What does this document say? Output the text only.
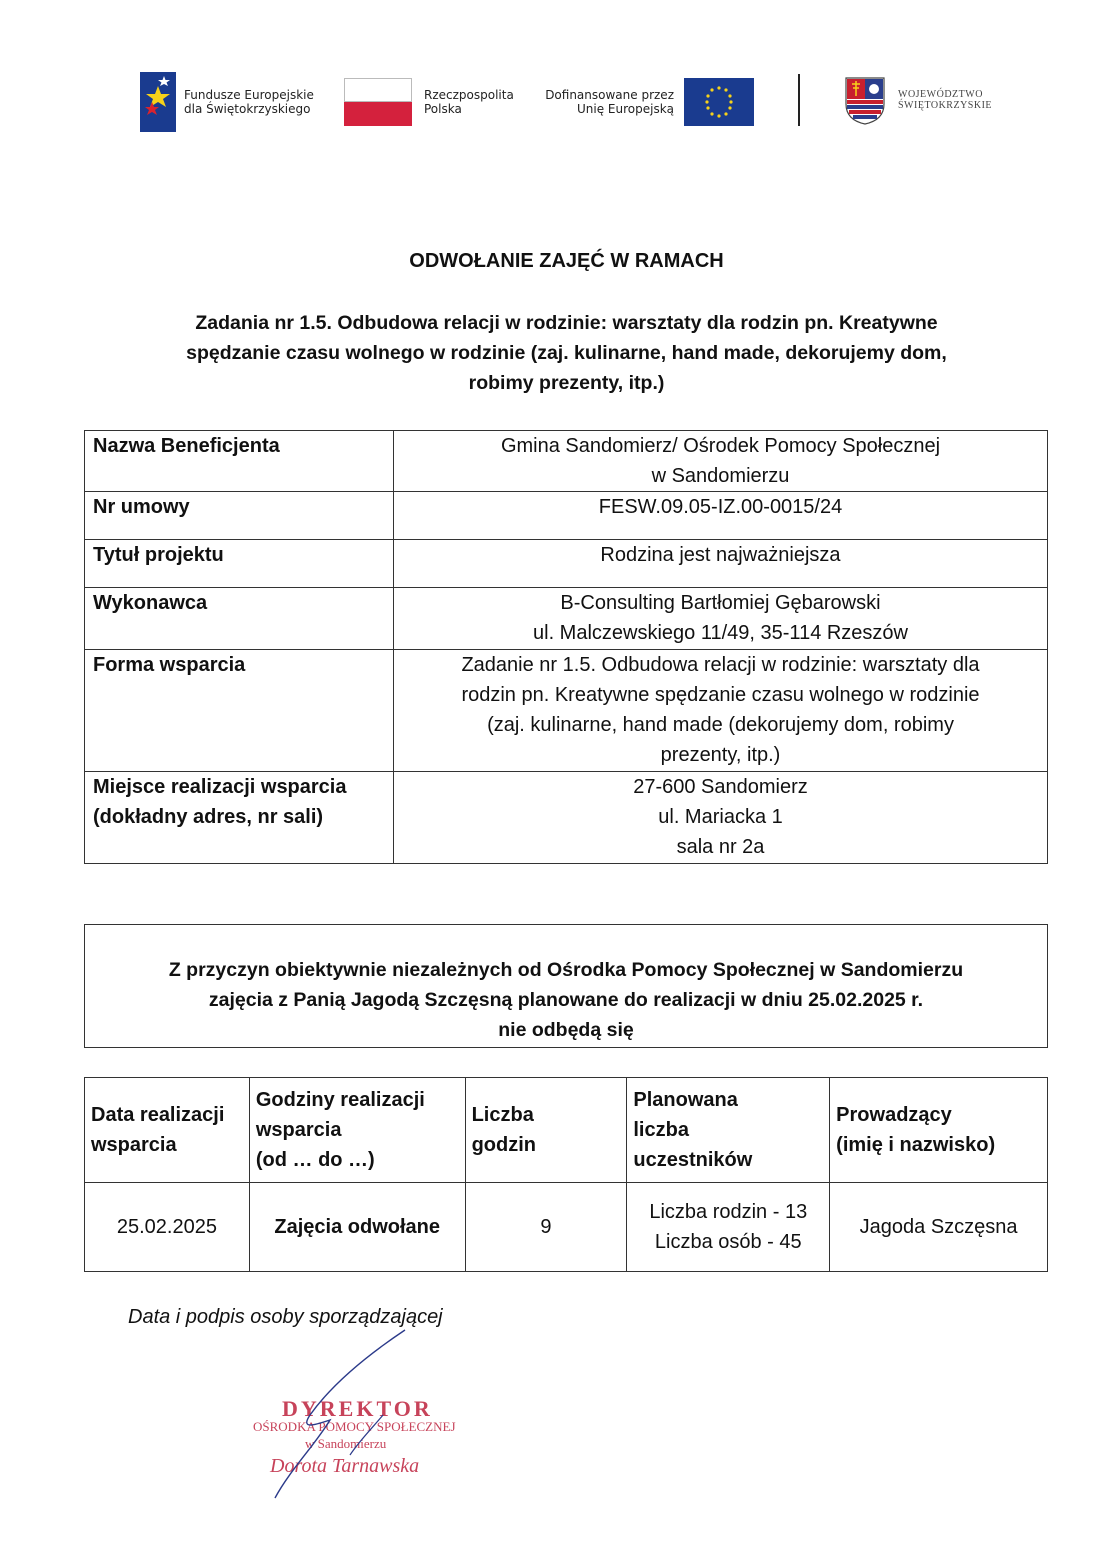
Fundusze Europejskie
dla Świętokrzyskiego
Rzeczpospolita
Polska
Dofinansowane przez
Unię Europejską
WOJEWÓDZTWO
ŚWIĘTOKRZYSKIE
ODWOŁANIE ZAJĘĆ W RAMACH
Zadania nr 1.5. Odbudowa relacji w rodzinie: warsztaty dla rodzin pn. Kreatywne
spędzanie czasu wolnego w rodzinie (zaj. kulinarne, hand made, dekorujemy dom,
robimy prezenty, itp.)
Nazwa Beneficjenta	Gmina Sandomierz/ Ośrodek Pomocy Społecznej
w Sandomierzu

Nr umowy	FESW.09.05-IZ.00-0015/24
Tytuł projektu	Rodzina jest najważniejsza
Wykonawca	B-Consulting Bartłomiej Gębarowski
ul. Malczewskiego 11/49, 35-114 Rzeszów

Forma wsparcia	Zadanie nr 1.5. Odbudowa relacji w rodzinie: warsztaty dla
rodzin pn. Kreatywne spędzanie czasu wolnego w rodzinie
(zaj. kulinarne, hand made (dekorujemy dom, robimy
prezenty, itp.)

Miejsce realizacji wsparcia
(dokładny adres, nr sali)	27-600 Sandomierz
ul. Mariacka 1
sala nr 2a
Z przyczyn obiektywnie niezależnych od Ośrodka Pomocy Społecznej w Sandomierzu
zajęcia z Panią Jagodą Szczęsną planowane do realizacji w dniu 25.02.2025 r.
nie odbędą się
Data realizacji
wsparcia	Godziny realizacji
wsparcia
(od … do …)	Liczba
godzin	Planowana
liczba
uczestników	Prowadzący
(imię i nazwisko)

25.02.2025	Zajęcia odwołane	9	Liczba rodzin - 13
Liczba osób - 45	Jagoda Szczęsna
Data i podpis osoby sporządzającej
DYREKTOR
OŚRODKA POMOCY SPOŁECZNEJ
w Sandomierzu
Dorota Tarnawska
